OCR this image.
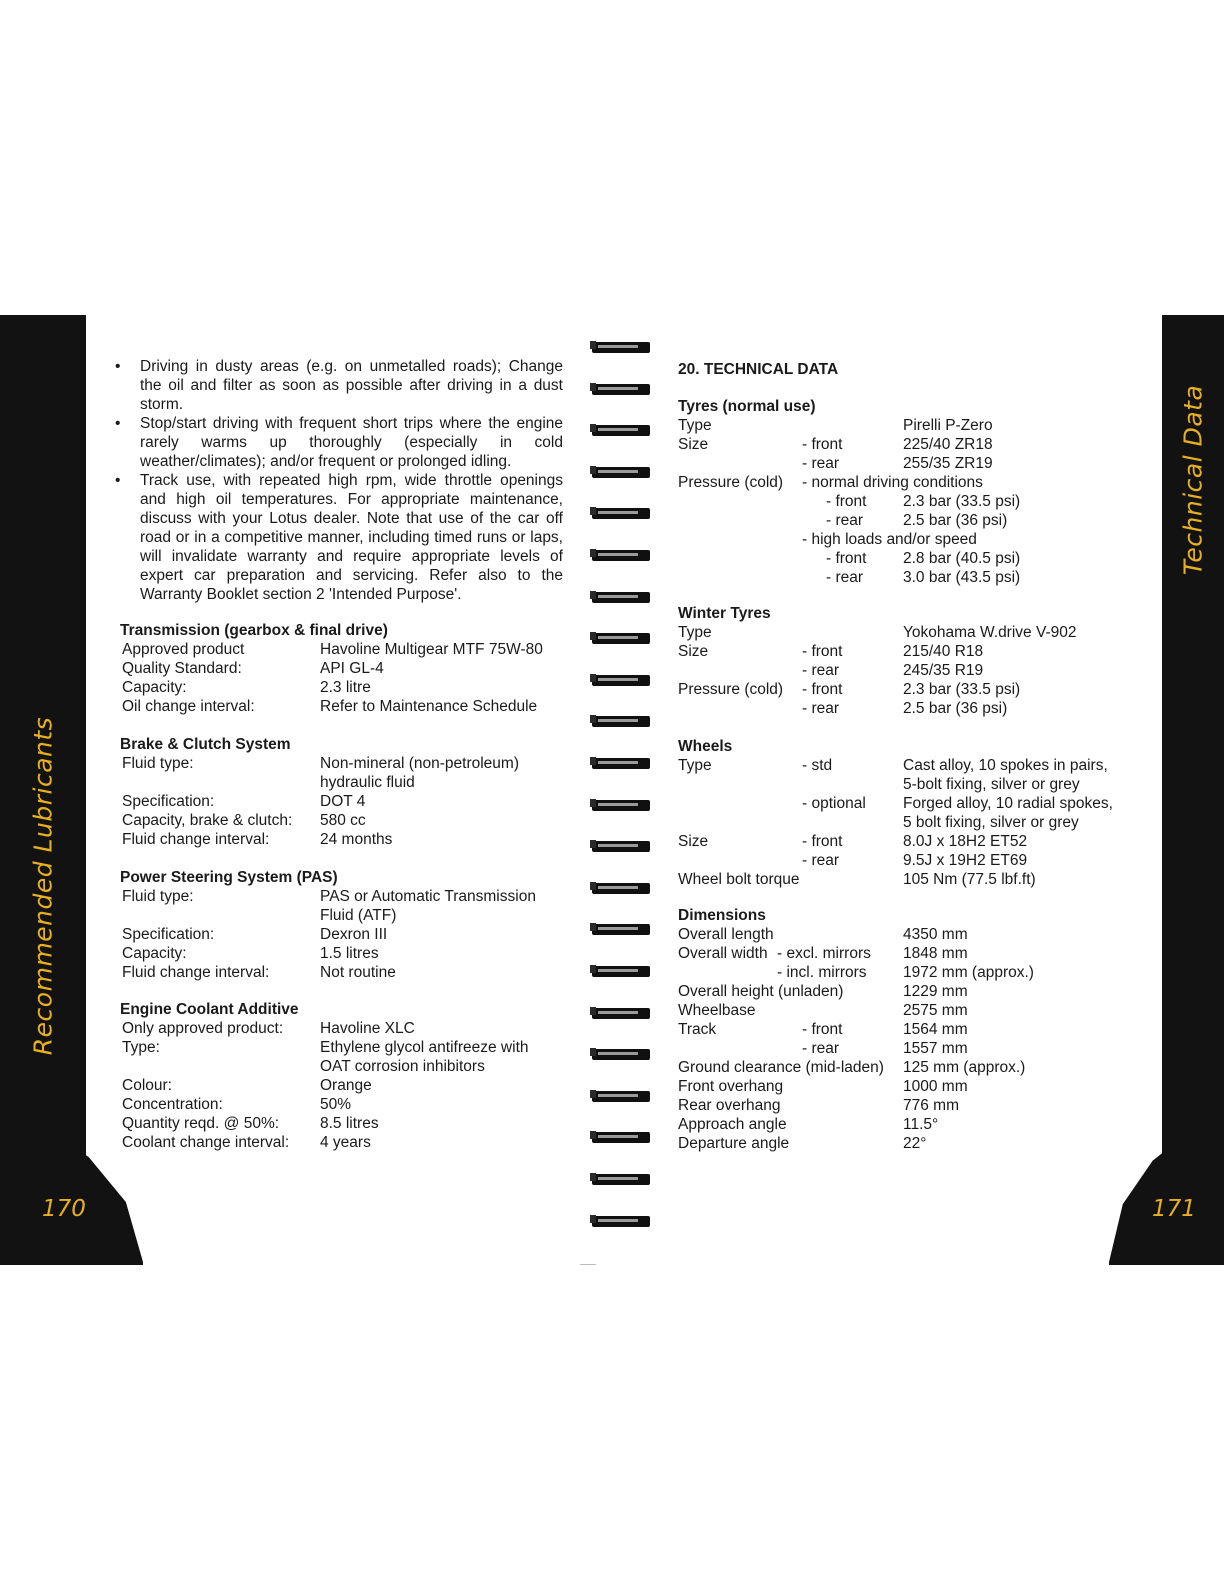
Recommended Lubricants
170
• Driving in dusty areas (e.g. on unmetalled roads); Change the oil and filter as soon as possible after driving in a dust storm.
• Stop/start driving with frequent short trips where the engine rarely warms up thoroughly (especially in cold weather/climates); and/or frequent or prolonged idling.
• Track use, with repeated high rpm, wide throttle openings and high oil temperatures. For appropriate maintenance, discuss with your Lotus dealer. Note that use of the car off road or in a competitive manner, including timed runs or laps, will invalidate warranty and require appropriate levels of expert car preparation and servicing. Refer also to the Warranty Booklet section 2 'Intended Purpose'.
Transmission (gearbox & final drive)
Approved product	Havoline Multigear MTF 75W-80
Quality Standard:	API GL-4
Capacity:	2.3 litre
Oil change interval:	Refer to Maintenance Schedule
Brake & Clutch System
Fluid type:	Non-mineral (non-petroleum)
hydraulic fluid
Specification:	DOT 4
Capacity, brake & clutch: 580 cc
Fluid change interval:	24 months
Power Steering System (PAS)
Fluid type:	PAS or Automatic Transmission
Fluid (ATF)
Specification:	Dexron III
Capacity:	1.5 litres
Fluid change interval:	Not routine
Engine Coolant Additive
Only approved product: Havoline XLC
Type:	Ethylene glycol antifreeze with
OAT corrosion inhibitors
Colour:	Orange
Concentration:	50%
Quantity reqd. @ 50%:	8.5 litres
Coolant change interval: 4 years
20. TECHNICAL DATA
Tyres (normal use)
Type	Pirelli P-Zero
Size	- front	225/40 ZR18
- rear	255/35 ZR19
Pressure (cold) - normal driving conditions
- front 2.3 bar (33.5 psi)
- rear	2.5 bar (36 psi)
- high loads and/or speed
- front 2.8 bar (40.5 psi)
- rear	3.0 bar (43.5 psi)
Winter Tyres
Type	Yokohama W.drive V-902
Size	- front	215/40 R18
- rear	245/35 R19
Pressure (cold) - front	2.3 bar (33.5 psi)
- rear	2.5 bar (36 psi)
Wheels
Type	- std	Cast alloy, 10 spokes in pairs,
5-bolt fixing, silver or grey
- optional Forged alloy, 10 radial spokes,
5 bolt fixing, silver or grey
Size	- front	8.0J x 18H2 ET52
- rear	9.5J x 19H2 ET69
Wheel bolt torque	105 Nm (77.5 lbf.ft)
Dimensions
Overall length	4350 mm
Overall width - excl. mirrors 1848 mm
- incl. mirrors 1972 mm (approx.)
Overall height (unladen)	1229 mm
Wheelbase	2575 mm
Track	- front	1564 mm
- rear	1557 mm
Ground clearance (mid-laden) 125 mm (approx.)
Front overhang	1000 mm
Rear overhang	776 mm
Approach angle	11.5°
Departure angle	22°
Technical Data
171
